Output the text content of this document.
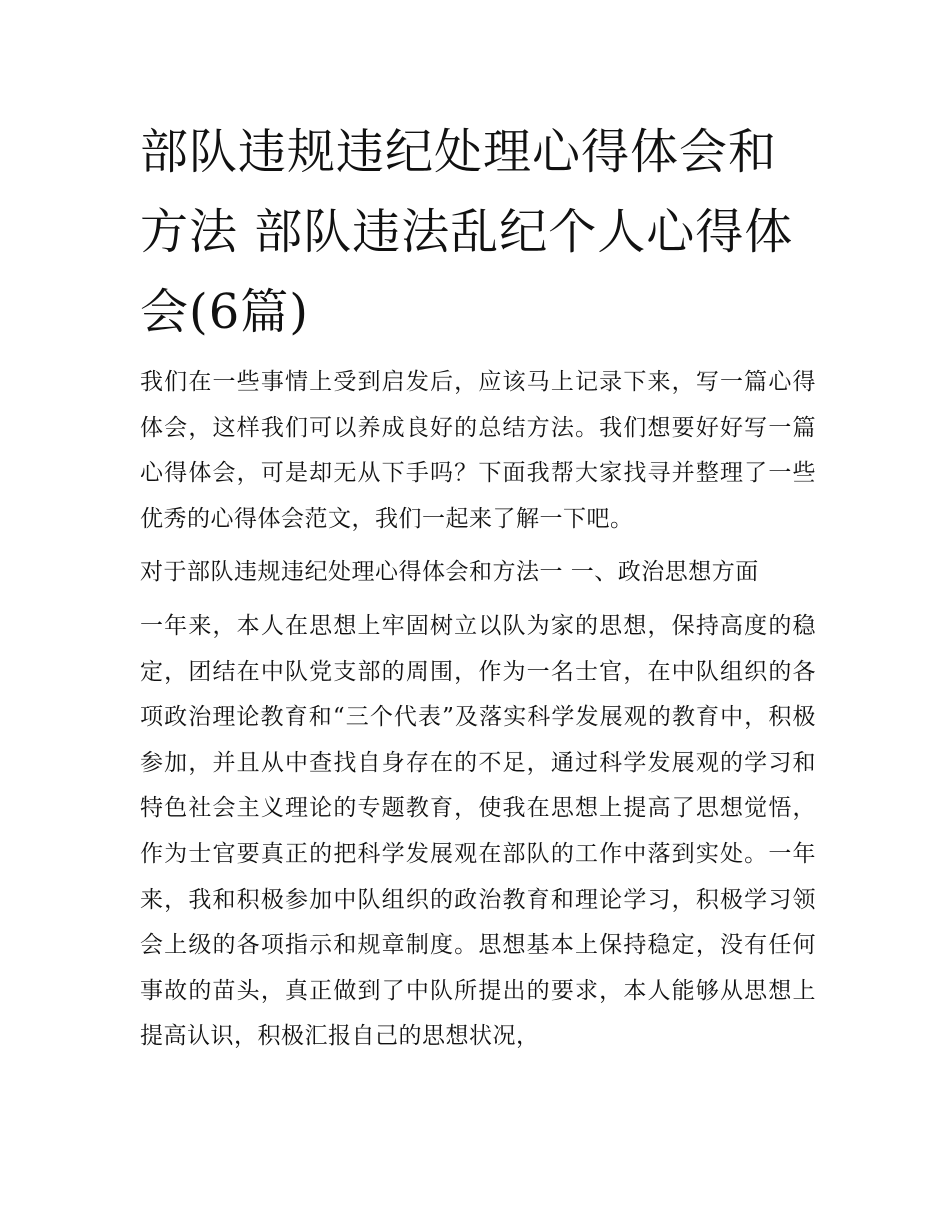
部队违规违纪处理心得体会和方法 部队违法乱纪个人心得体会(6篇)

我们在一些事情上受到启发后，应该马上记录下来，写一篇心得体会，这样我们可以养成良好的总结方法。我们想要好好写一篇心得体会，可是却无从下手吗？下面我帮大家找寻并整理了一些优秀的心得体会范文，我们一起来了解一下吧。

对于部队违规违纪处理心得体会和方法一 一、政治思想方面

一年来，本人在思想上牢固树立以队为家的思想，保持高度的稳定，团结在中队党支部的周围，作为一名士官，在中队组织的各项政治理论教育和“三个代表”及落实科学发展观的教育中，积极参加，并且从中查找自身存在的不足，通过科学发展观的学习和特色社会主义理论的专题教育，使我在思想上提高了思想觉悟，作为士官要真正的把科学发展观在部队的工作中落到实处。一年来，我和积极参加中队组织的政治教育和理论学习，积极学习领会上级的各项指示和规章制度。思想基本上保持稳定，没有任何事故的苗头，真正做到了中队所提出的要求，本人能够从思想上提高认识，积极汇报自己的思想状况，
